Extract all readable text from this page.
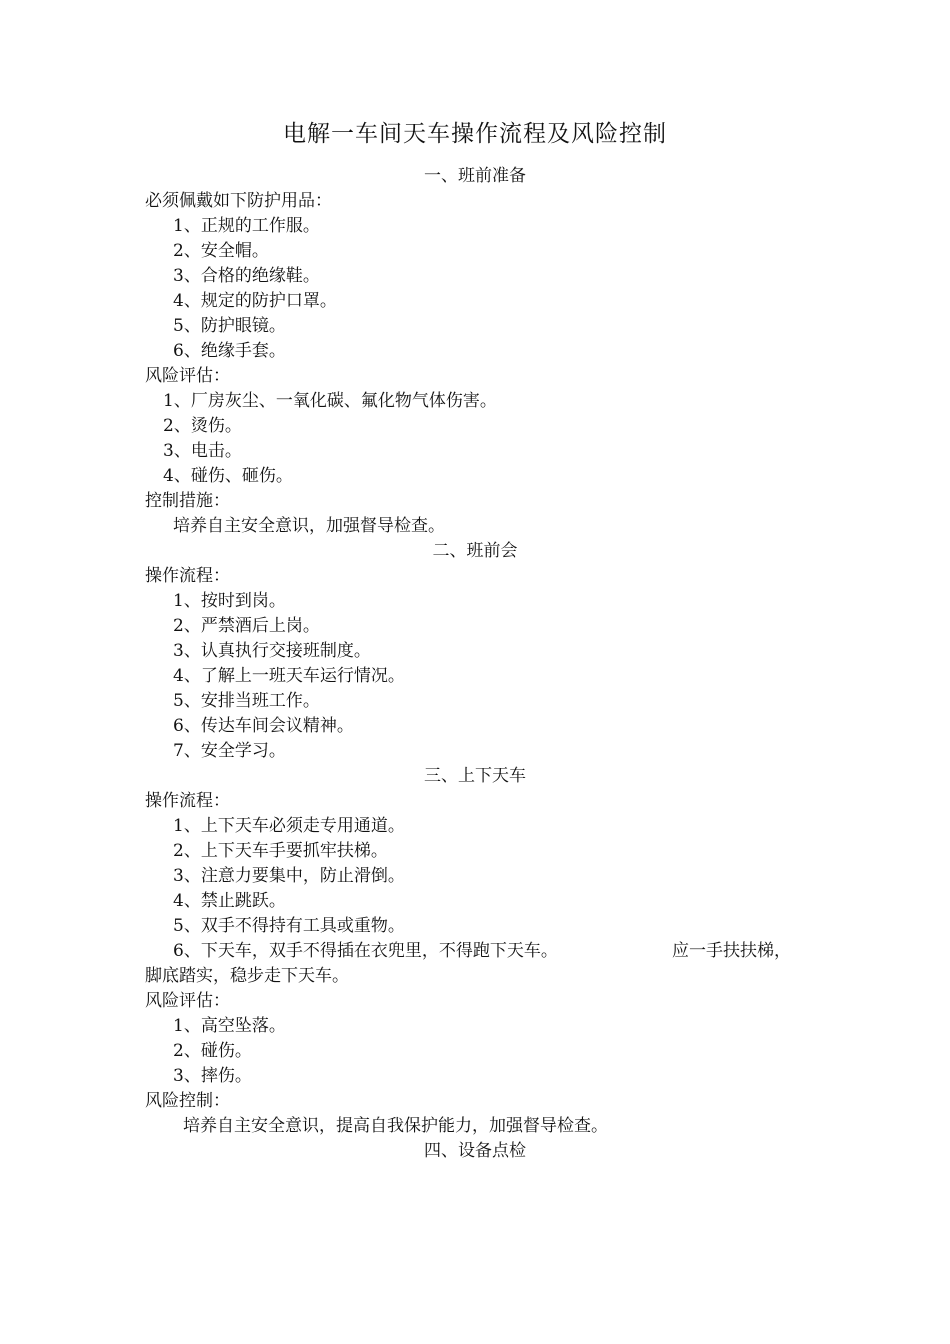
电解一车间天车操作流程及风险控制
一、班前准备
必须佩戴如下防护用品：
1、正规的工作服。
2、安全帽。
3、合格的绝缘鞋。
4、规定的防护口罩。
5、防护眼镜。
6、绝缘手套。
风险评估：
1、厂房灰尘、一氧化碳、氟化物气体伤害。
2、烫伤。
3、电击。
4、碰伤、砸伤。
控制措施：
培养自主安全意识，加强督导检查。
二、班前会
操作流程：
1、按时到岗。
2、严禁酒后上岗。
3、认真执行交接班制度。
4、了解上一班天车运行情况。
5、安排当班工作。
6、传达车间会议精神。
7、安全学习。
三、上下天车
操作流程：
1、上下天车必须走专用通道。
2、上下天车手要抓牢扶梯。
3、注意力要集中，防止滑倒。
4、禁止跳跃。
5、双手不得持有工具或重物。
6、下天车，双手不得插在衣兜里，不得跑下天车。	应一手扶扶梯，
脚底踏实，稳步走下天车。
风险评估：
1、高空坠落。
2、碰伤。
3、摔伤。
风险控制：
培养自主安全意识，提高自我保护能力，加强督导检查。
四、设备点检
